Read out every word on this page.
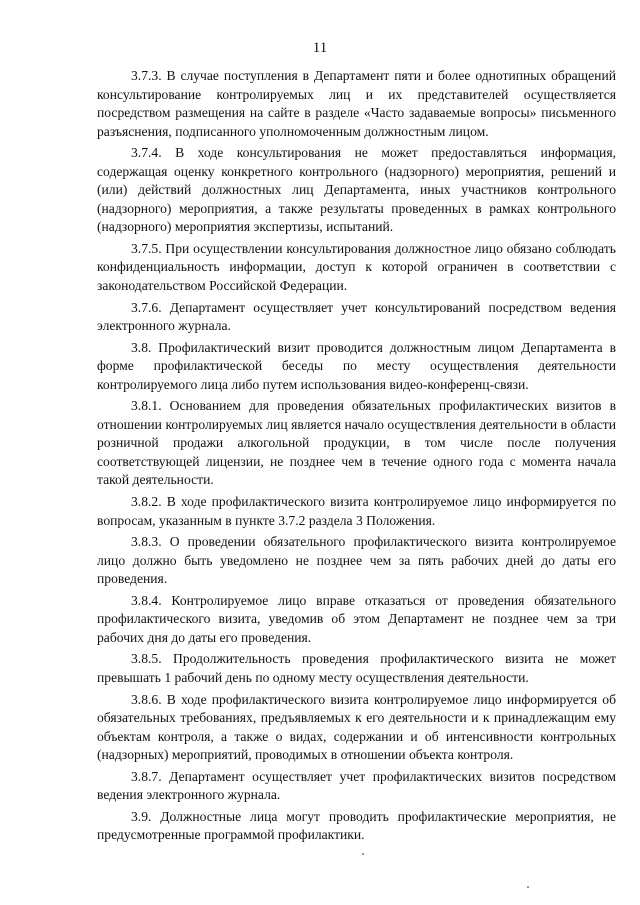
11

3.7.3. В случае поступления в Департамент пяти и более однотипных обращений консультирование контролируемых лиц и их представителей осуществляется посредством размещения на сайте в разделе «Часто задаваемые вопросы» письменного разъяснения, подписанного уполномоченным должностным лицом.

3.7.4. В ходе консультирования не может предоставляться информация, содержащая оценку конкретного контрольного (надзорного) мероприятия, решений и (или) действий должностных лиц Департамента, иных участников контрольного (надзорного) мероприятия, а также результаты проведенных в рамках контрольного (надзорного) мероприятия экспертизы, испытаний.

3.7.5. При осуществлении консультирования должностное лицо обязано соблюдать конфиденциальность информации, доступ к которой ограничен в соответствии с законодательством Российской Федерации.

3.7.6. Департамент осуществляет учет консультирований посредством ведения электронного журнала.

3.8. Профилактический визит проводится должностным лицом Департамента в форме профилактической беседы по месту осуществления деятельности контролируемого лица либо путем использования видео-конференц-связи.

3.8.1. Основанием для проведения обязательных профилактических визитов в отношении контролируемых лиц является начало осуществления деятельности в области розничной продажи алкогольной продукции, в том числе после получения соответствующей лицензии, не позднее чем в течение одного года с момента начала такой деятельности.

3.8.2. В ходе профилактического визита контролируемое лицо информируется по вопросам, указанным в пункте 3.7.2 раздела 3 Положения.

3.8.3. О проведении обязательного профилактического визита контролируемое лицо должно быть уведомлено не позднее чем за пять рабочих дней до даты его проведения.

3.8.4. Контролируемое лицо вправе отказаться от проведения обязательного профилактического визита, уведомив об этом Департамент не позднее чем за три рабочих дня до даты его проведения.

3.8.5. Продолжительность проведения профилактического визита не может превышать 1 рабочий день по одному месту осуществления деятельности.

3.8.6. В ходе профилактического визита контролируемое лицо информируется об обязательных требованиях, предъявляемых к его деятельности и к принадлежащим ему объектам контроля, а также о видах, содержании и об интенсивности контрольных (надзорных) мероприятий, проводимых в отношении объекта контроля.

3.8.7. Департамент осуществляет учет профилактических визитов посредством ведения электронного журнала.

3.9. Должностные лица могут проводить профилактические мероприятия, не предусмотренные программой профилактики.
